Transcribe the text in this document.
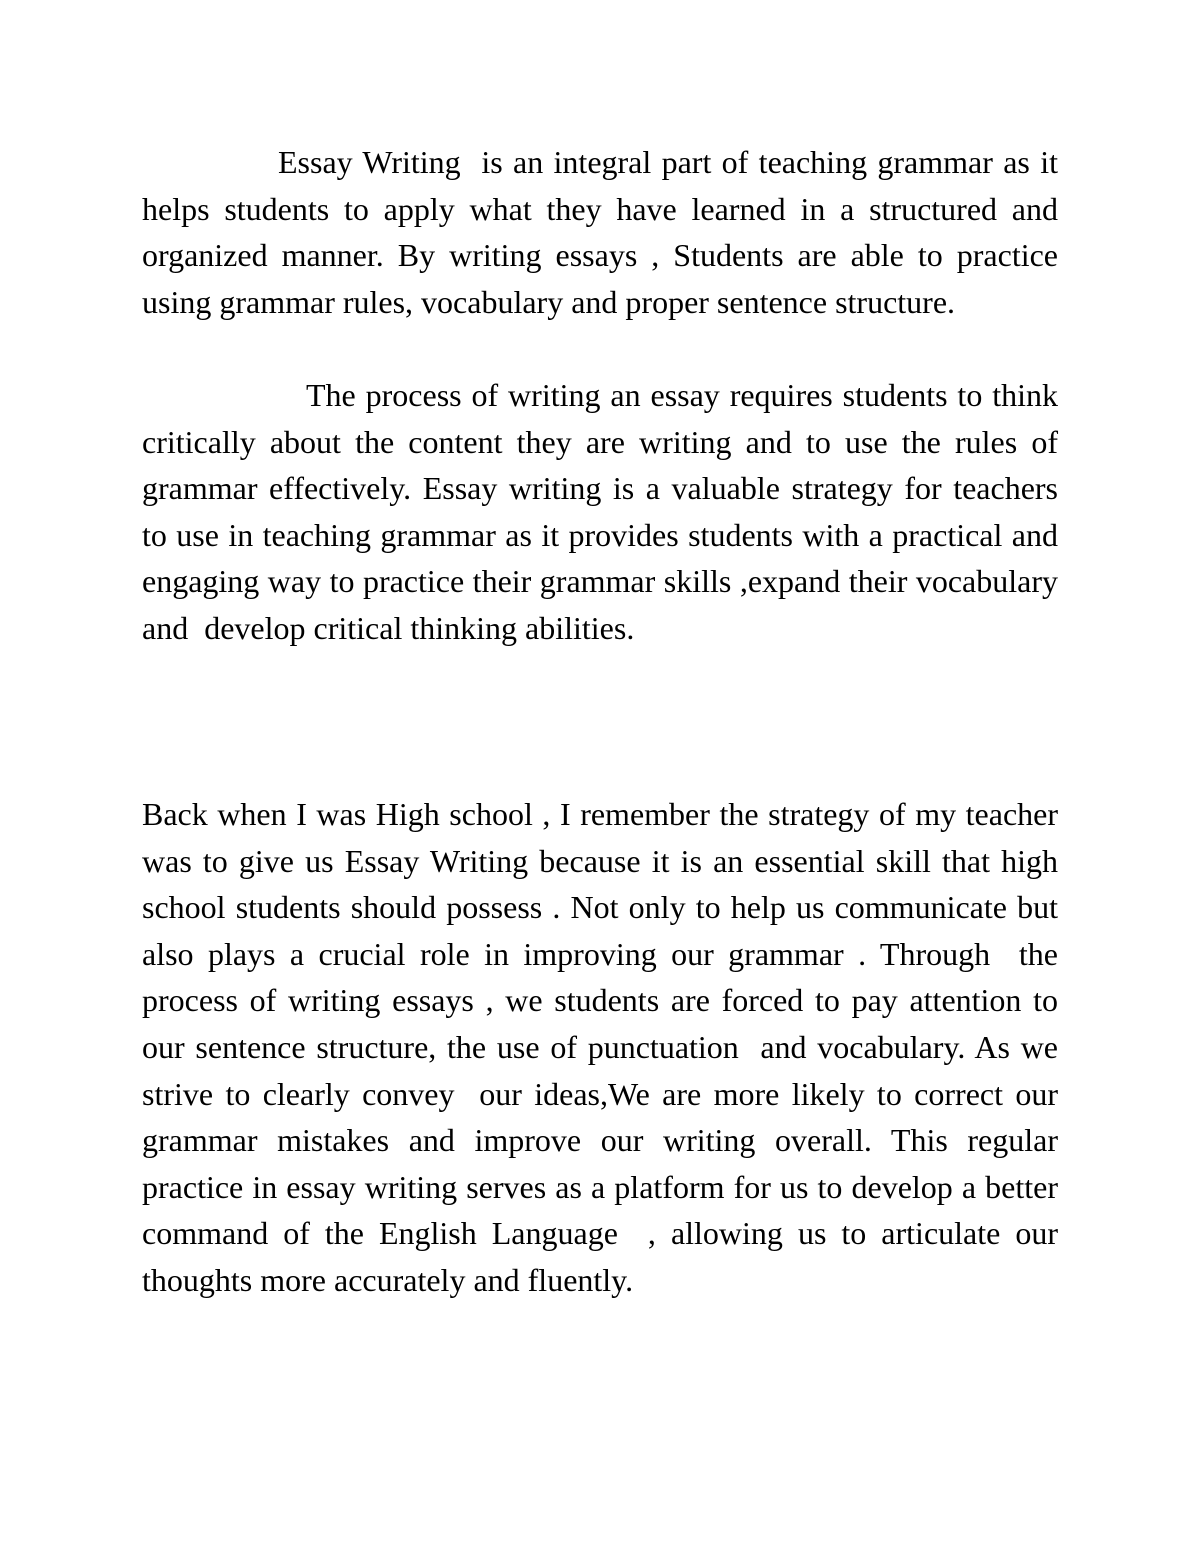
Essay Writing  is an integral part of teaching grammar as it helps students to apply what they have learned in a structured and organized manner. By writing essays , Students are able to practice using grammar rules, vocabulary and proper sentence structure.

The process of writing an essay requires students to think critically about the content they are writing and to use the rules of grammar effectively. Essay writing is a valuable strategy for teachers to use in teaching grammar as it provides students with a practical and engaging way to practice their grammar skills ,expand their vocabulary and  develop critical thinking abilities.

Back when I was High school , I remember the strategy of my teacher was to give us Essay Writing because it is an essential skill that high school students should possess . Not only to help us communicate but also plays a crucial role in improving our grammar . Through  the process of writing essays , we students are forced to pay attention to our sentence structure, the use of punctuation  and vocabulary. As we strive to clearly convey  our ideas,We are more likely to correct our grammar mistakes and improve our writing overall. This regular practice in essay writing serves as a platform for us to develop a better command of the English Language  , allowing us to articulate our thoughts more accurately and fluently.
